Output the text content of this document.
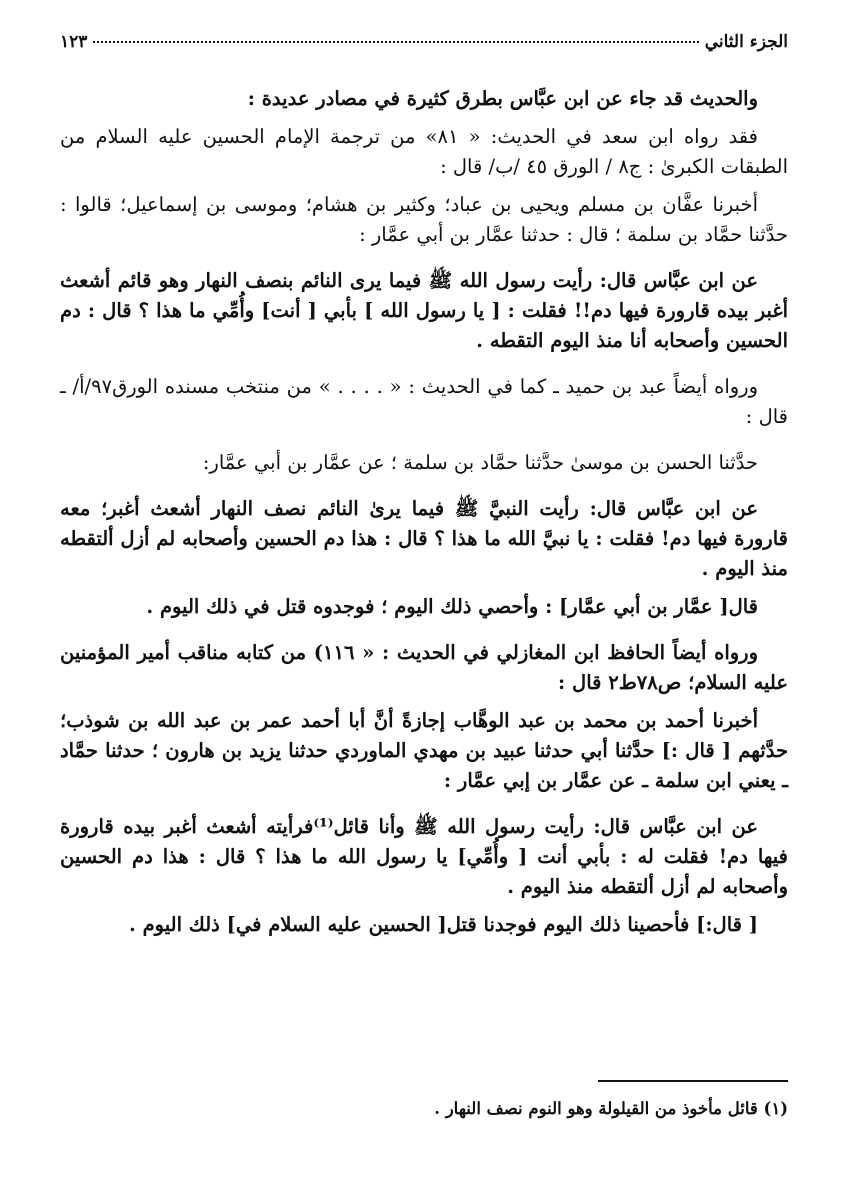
الجزء الثاني
١٢٣

والحديث قد جاء عن ابن عبَّاس بطرق كثيرة في مصادر عديدة :

فقد رواه ابن سعد في الحديث: « ٨١» من ترجمة الإمام الحسين عليه السلام من الطبقات الكبرىٰ : ج٨ / الورق ٤٥ /ب/ قال :

أخبرنا عفَّان بن مسلم ويحيى بن عباد؛ وكثير بن هشام؛ وموسى بن إسماعيل؛ قالوا : حدَّثنا حمَّاد بن سلمة ؛ قال : حدثنا عمَّار بن أبي عمَّار :

عن ابن عبَّاس قال: رأيت رسول الله ﷺ فيما يرى النائم بنصف النهار وهو قائم أشعث أغبر بيده قارورة فيها دم!! فقلت : [ يا رسول الله ] بأبي [ أنت] وأُمِّي ما هذا ؟ قال : دم الحسين وأصحابه أنا منذ اليوم التقطه .

ورواه أيضاً عبد بن حميد ـ كما في الحديث : « . . . . » من منتخب مسنده الورق٩٧/أ/ ـ قال :

حدَّثنا الحسن بن موسىٰ حدَّثنا حمَّاد بن سلمة ؛ عن عمَّار بن أبي عمَّار:

عن ابن عبَّاس قال: رأيت النبيَّ ﷺ فيما يرىٰ النائم نصف النهار أشعث أغبر؛ معه قارورة فيها دم! فقلت : يا نبيَّ الله ما هذا ؟ قال : هذا دم الحسين وأصحابه لم أزل ألتقطه منذ اليوم .

قال[ عمَّار بن أبي عمَّار] : وأحصي ذلك اليوم ؛ فوجدوه قتل في ذلك اليوم .

ورواه أيضاً الحافظ ابن المغازلي في الحديث : « ١١٦) من كتابه مناقب أمير المؤمنين عليه السلام؛ ص٧٨ط٢ قال :

أخبرنا أحمد بن محمد بن عبد الوهَّاب إجازةً أنَّ أبا أحمد عمر بن عبد الله بن شوذب؛ حدَّثهم [ قال :] حدَّثنا أبي حدثنا عبيد بن مهدي الماوردي حدثنا يزيد بن هارون ؛ حدثنا حمَّاد ـ يعني ابن سلمة ـ عن عمَّار بن إبي عمَّار :

عن ابن عبَّاس قال: رأيت رسول الله ﷺ وأنا قائل⁽¹⁾فرأيته أشعث أغبر بيده قارورة فيها دم! فقلت له : بأبي أنت [ وأُمِّي] يا رسول الله ما هذا ؟ قال : هذا دم الحسين وأصحابه لم أزل ألتقطه منذ اليوم .

[ قال:] فأحصينا ذلك اليوم فوجدنا قتل[ الحسين عليه السلام في] ذلك اليوم .

(١) قائل مأخوذ من القيلولة وهو النوم نصف النهار .
